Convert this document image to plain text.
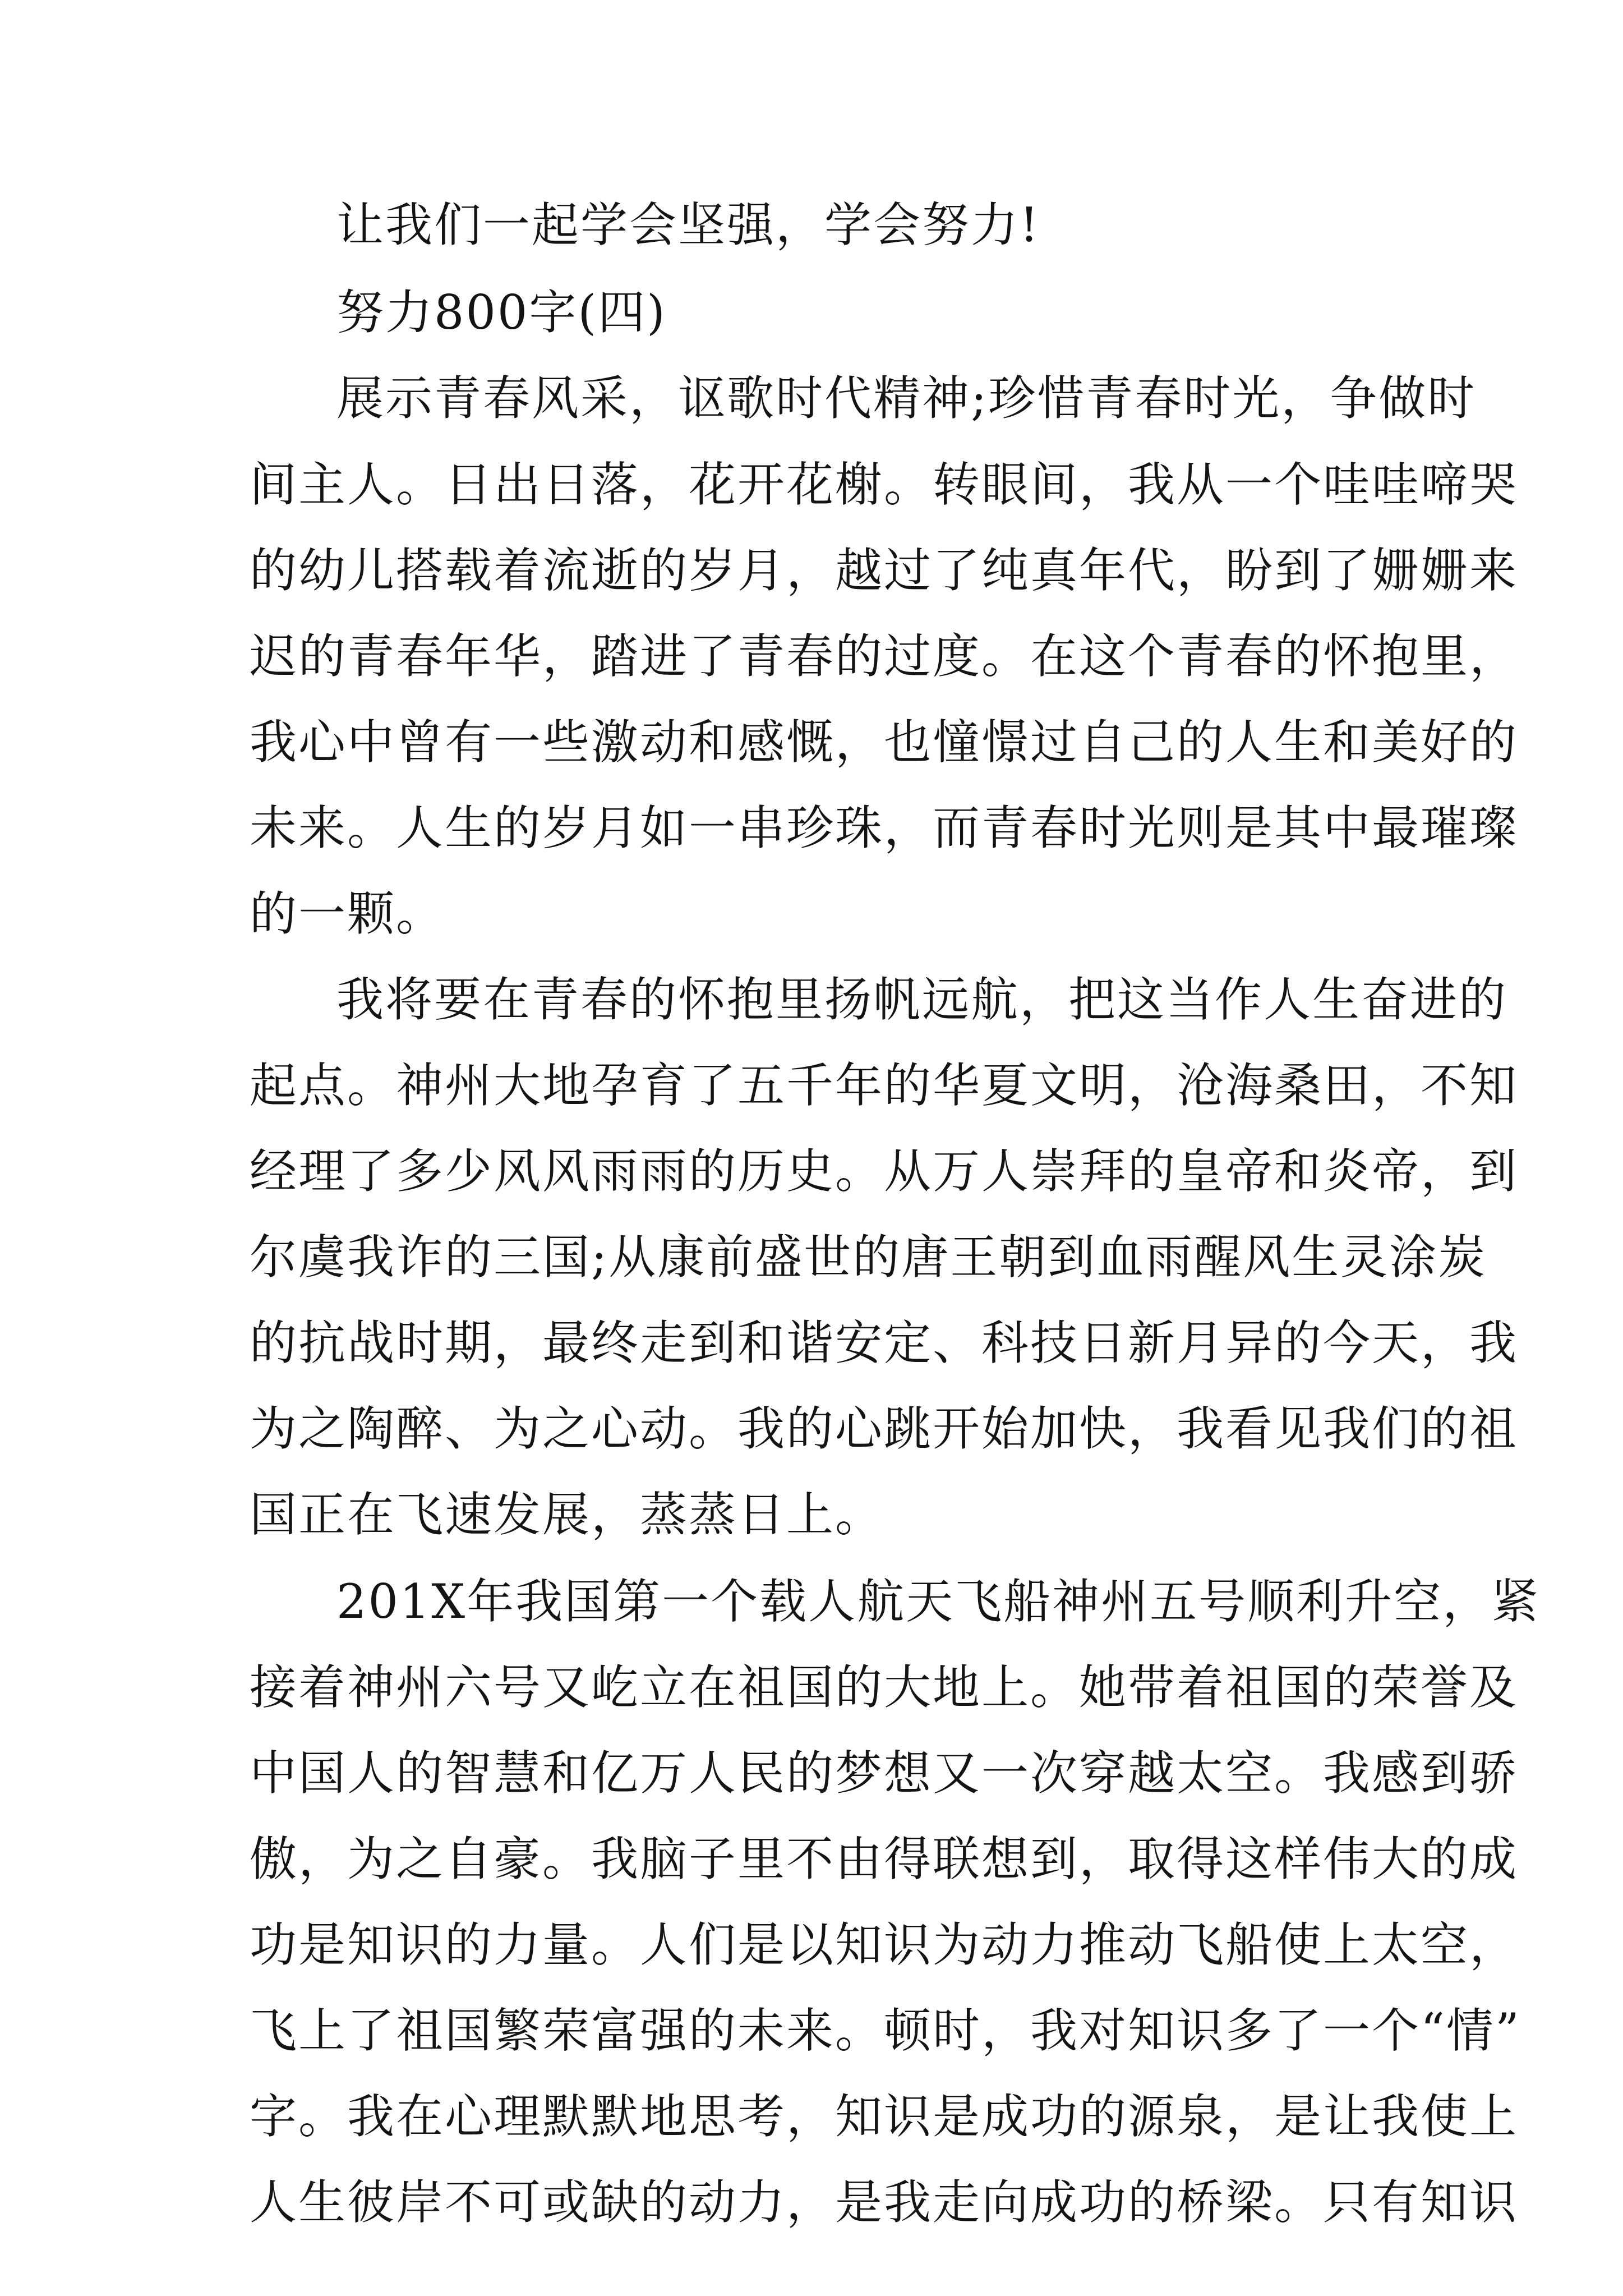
让我们一起学会坚强，学会努力!
努力800字(四)
展示青春风采，讴歌时代精神;珍惜青春时光，争做时
间主人。日出日落，花开花榭。转眼间，我从一个哇哇啼哭
的幼儿搭载着流逝的岁月，越过了纯真年代，盼到了姗姗来
迟的青春年华，踏进了青春的过度。在这个青春的怀抱里，
我心中曾有一些激动和感慨，也憧憬过自己的人生和美好的
未来。人生的岁月如一串珍珠，而青春时光则是其中最璀璨
的一颗。
我将要在青春的怀抱里扬帆远航，把这当作人生奋进的
起点。神州大地孕育了五千年的华夏文明，沧海桑田，不知
经理了多少风风雨雨的历史。从万人崇拜的皇帝和炎帝，到
尔虞我诈的三国;从康前盛世的唐王朝到血雨醒风生灵涂炭
的抗战时期，最终走到和谐安定、科技日新月异的今天，我
为之陶醉、为之心动。我的心跳开始加快，我看见我们的祖
国正在飞速发展，蒸蒸日上。
201X年我国第一个载人航天飞船神州五号顺利升空，紧
接着神州六号又屹立在祖国的大地上。她带着祖国的荣誉及
中国人的智慧和亿万人民的梦想又一次穿越太空。我感到骄
傲，为之自豪。我脑子里不由得联想到，取得这样伟大的成
功是知识的力量。人们是以知识为动力推动飞船使上太空，
飞上了祖国繁荣富强的未来。顿时，我对知识多了一个“情”
字。我在心理默默地思考，知识是成功的源泉，是让我使上
人生彼岸不可或缺的动力，是我走向成功的桥梁。只有知识
